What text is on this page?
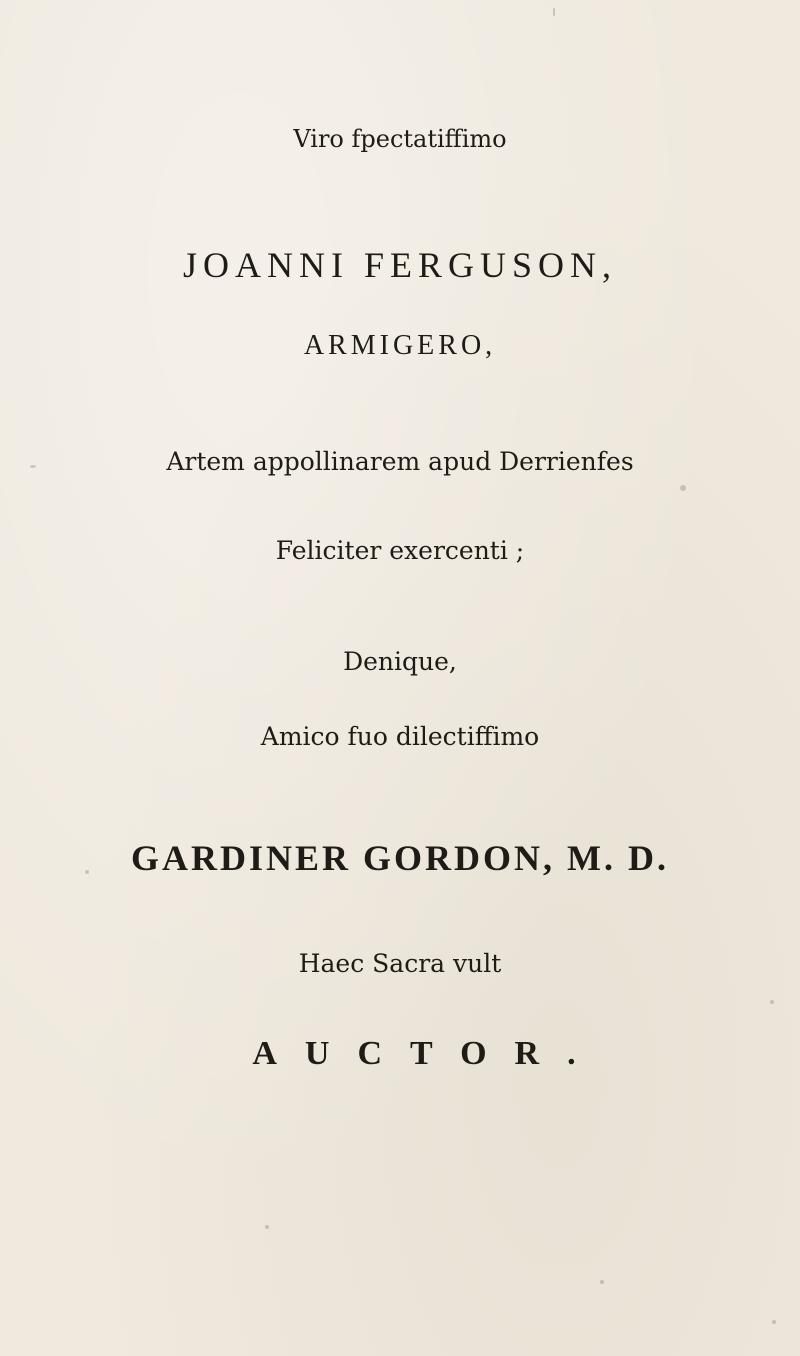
Viro fpectatiffimo
JOANNI FERGUSON,
ARMIGERO,
Artem appollinarem apud Derrienfes
Feliciter exercenti ;
Denique,
Amico fuo dilectiffimo
GARDINER GORDON, M. D.
Haec Sacra vult
AUCTOR.
